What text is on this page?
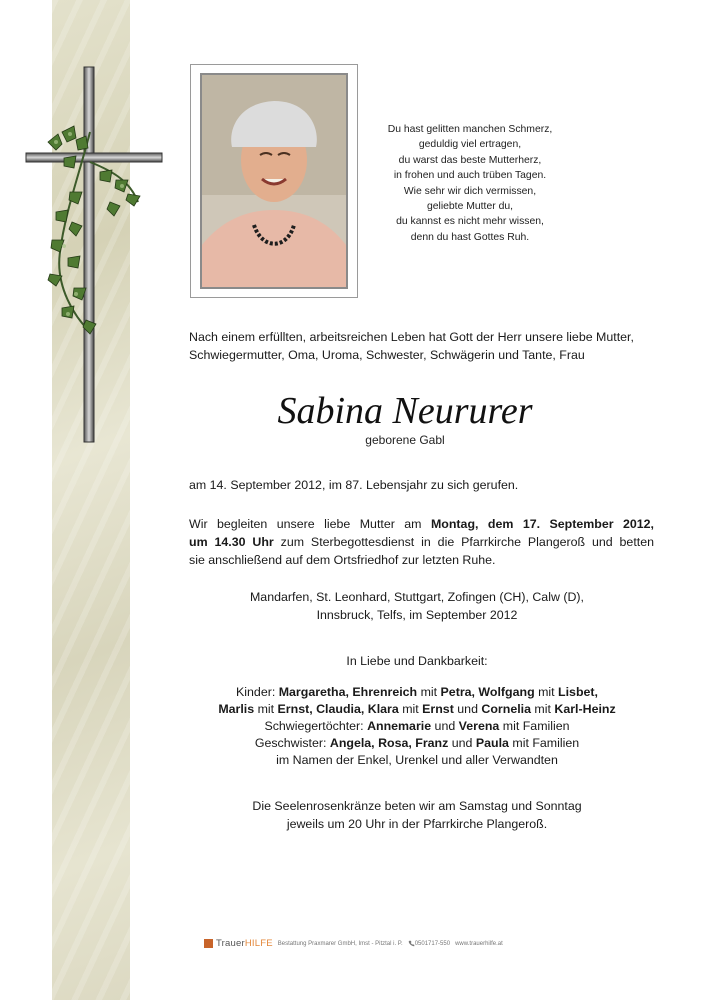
Du hast gelitten manchen Schmerz,
geduldig viel ertragen,
du warst das beste Mutterherz,
in frohen und auch trüben Tagen.
Wie sehr wir dich vermissen,
geliebte Mutter du,
du kannst es nicht mehr wissen,
denn du hast Gottes Ruh.
Nach einem erfüllten, arbeitsreichen Leben hat Gott der Herr unsere liebe Mutter,
Schwiegermutter, Oma, Uroma, Schwester, Schwägerin und Tante, Frau
Sabina Neururer
geborene Gabl
am 14. September 2012, im 87. Lebensjahr zu sich gerufen.
Wir begleiten unsere liebe Mutter am Montag, dem 17. September 2012,
um 14.30 Uhr zum Sterbegottesdienst in die Pfarrkirche Plangeroß und betten
sie anschließend auf dem Ortsfriedhof zur letzten Ruhe.
Mandarfen, St. Leonhard, Stuttgart, Zofingen (CH), Calw (D),
Innsbruck, Telfs, im September 2012
In Liebe und Dankbarkeit:
Kinder: Margaretha, Ehrenreich mit Petra, Wolfgang mit Lisbet,
Marlis mit Ernst, Claudia, Klara mit Ernst und Cornelia mit Karl-Heinz
Schwiegertöchter: Annemarie und Verena mit Familien
Geschwister: Angela, Rosa, Franz und Paula mit Familien
im Namen der Enkel, Urenkel und aller Verwandten
Die Seelenrosenkränze beten wir am Samstag und Sonntag
jeweils um 20 Uhr in der Pfarrkirche Plangeroß.
TrauerHILFE Bestattung Praxmarer GmbH, Imst - Pitztal i. P. 0501717-550 www.trauerhilfe.at
